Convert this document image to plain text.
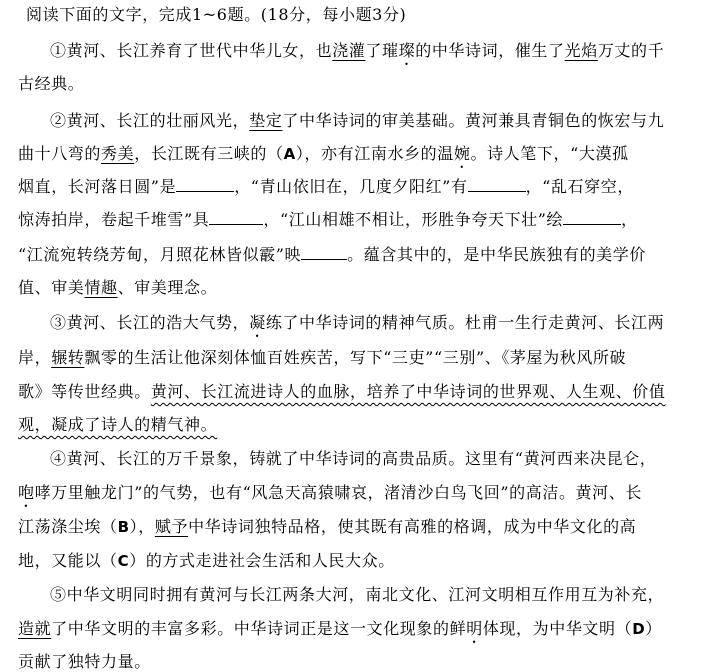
阅读下面的文字，完成1~6题。(18分，每小题3分)
①黄河、长江养育了世代中华儿女，也浇灌了璀璨的中华诗词，催生了光焰万丈的千
古经典。
②黄河、长江的壮丽风光，垫定了中华诗词的审美基础。黄河兼具青铜色的恢宏与九
曲十八弯的秀美，长江既有三峡的（A），亦有江南水乡的温婉。诗人笔下，“大漠孤
烟直，长河落日圆”是	，“青山依旧在，几度夕阳红”有	，“乱石穿空，
惊涛拍岸，卷起千堆雪”具	，“江山相雄不相让，形胜争夸天下壮”绘	，
“江流宛转绕芳甸，月照花林皆似霰”映	。蕴含其中的，是中华民族独有的美学价
值、审美情趣、审美理念。
③黄河、长江的浩大气势，凝练了中华诗词的精神气质。杜甫一生行走黄河、长江两
岸，辗转飘零的生活让他深刻体恤百姓疾苦，写下“三吏”“三别”、《茅屋为秋风所破
歌》等传世经典。黄河、长江流进诗人的血脉，培养了中华诗词的世界观、人生观、价值
观，凝成了诗人的精气神。
④黄河、长江的万千景象，铸就了中华诗词的高贵品质。这里有“黄河西来决昆仑，
咆哮万里触龙门”的气势，也有“风急天高猿啸哀，渚清沙白鸟飞回”的高洁。黄河、长
江荡涤尘埃（B），赋予中华诗词独特品格，使其既有高雅的格调，成为中华文化的高
地，又能以（C）的方式走进社会生活和人民大众。
⑤中华文明同时拥有黄河与长江两条大河，南北文化、江河文明相互作用互为补充，
造就了中华文明的丰富多彩。中华诗词正是这一文化现象的鲜明体现，为中华文明（D）
贡献了独特力量。
